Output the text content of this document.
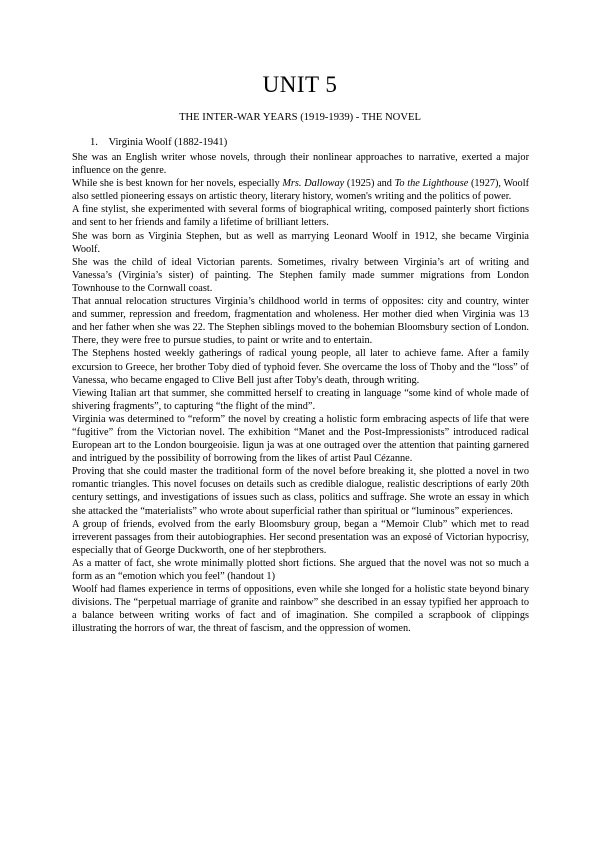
UNIT 5
THE INTER-WAR YEARS (1919-1939) - THE NOVEL
1. Virginia Woolf (1882-1941)

She was an English writer whose novels, through their nonlinear approaches to narrative, exerted a major influence on the genre.

While she is best known for her novels, especially Mrs. Dalloway (1925) and To the Lighthouse (1927), Woolf also settled pioneering essays on artistic theory, literary history, women's writing and the politics of power.

A fine stylist, she experimented with several forms of biographical writing, composed painterly short fictions and sent to her friends and family a lifetime of brilliant letters.

She was born as Virginia Stephen, but as well as marrying Leonard Woolf in 1912, she became Virginia Woolf.

She was the child of ideal Victorian parents. Sometimes, rivalry between Virginia’s art of writing and Vanessa’s (Virginia’s sister) of painting. The Stephen family made summer migrations from London Townhouse to the Cornwall coast.

That annual relocation structures Virginia’s childhood world in terms of opposites: city and country, winter and summer, repression and freedom, fragmentation and wholeness. Her mother died when Virginia was 13 and her father when she was 22. The Stephen siblings moved to the bohemian Bloomsbury section of London. There, they were free to pursue studies, to paint or write and to entertain.

The Stephens hosted weekly gatherings of radical young people, all later to achieve fame. After a family excursion to Greece, her brother Toby died of typhoid fever. She overcame the loss of Thoby and the “loss” of Vanessa, who became engaged to Clive Bell just after Toby's death, through writing.

Viewing Italian art that summer, she committed herself to creating in language “some kind of whole made of shivering fragments”, to capturing “the flight of the mind”.

Virginia was determined to “reform” the novel by creating a holistic form embracing aspects of life that were “fugitive” from the Victorian novel. The exhibition “Manet and the Post-Impressionists” introduced radical European art to the London bourgeoisie. Iigun ja was at one outraged over the attention that painting garnered and intrigued by the possibility of borrowing from the likes of artist Paul Cézanne.

Proving that she could master the traditional form of the novel before breaking it, she plotted a novel in two romantic triangles. This novel focuses on details such as credible dialogue, realistic descriptions of early 20th century settings, and investigations of issues such as class, politics and suffrage. She wrote an essay in which she attacked the “materialists” who wrote about superficial rather than spiritual or “luminous” experiences.

A group of friends, evolved from the early Bloomsbury group, began a “Memoir Club” which met to read irreverent passages from their autobiographies. Her second presentation was an exposé of Victorian hypocrisy, especially that of George Duckworth, one of her stepbrothers.

As a matter of fact, she wrote minimally plotted short fictions. She argued that the novel was not so much a form as an “emotion which you feel” (handout 1)

Woolf had flames experience in terms of oppositions, even while she longed for a holistic state beyond binary divisions. The “perpetual marriage of granite and rainbow” she described in an essay typified her approach to a balance between writing works of fact and of imagination. She compiled a scrapbook of clippings illustrating the horrors of war, the threat of fascism, and the oppression of women.
